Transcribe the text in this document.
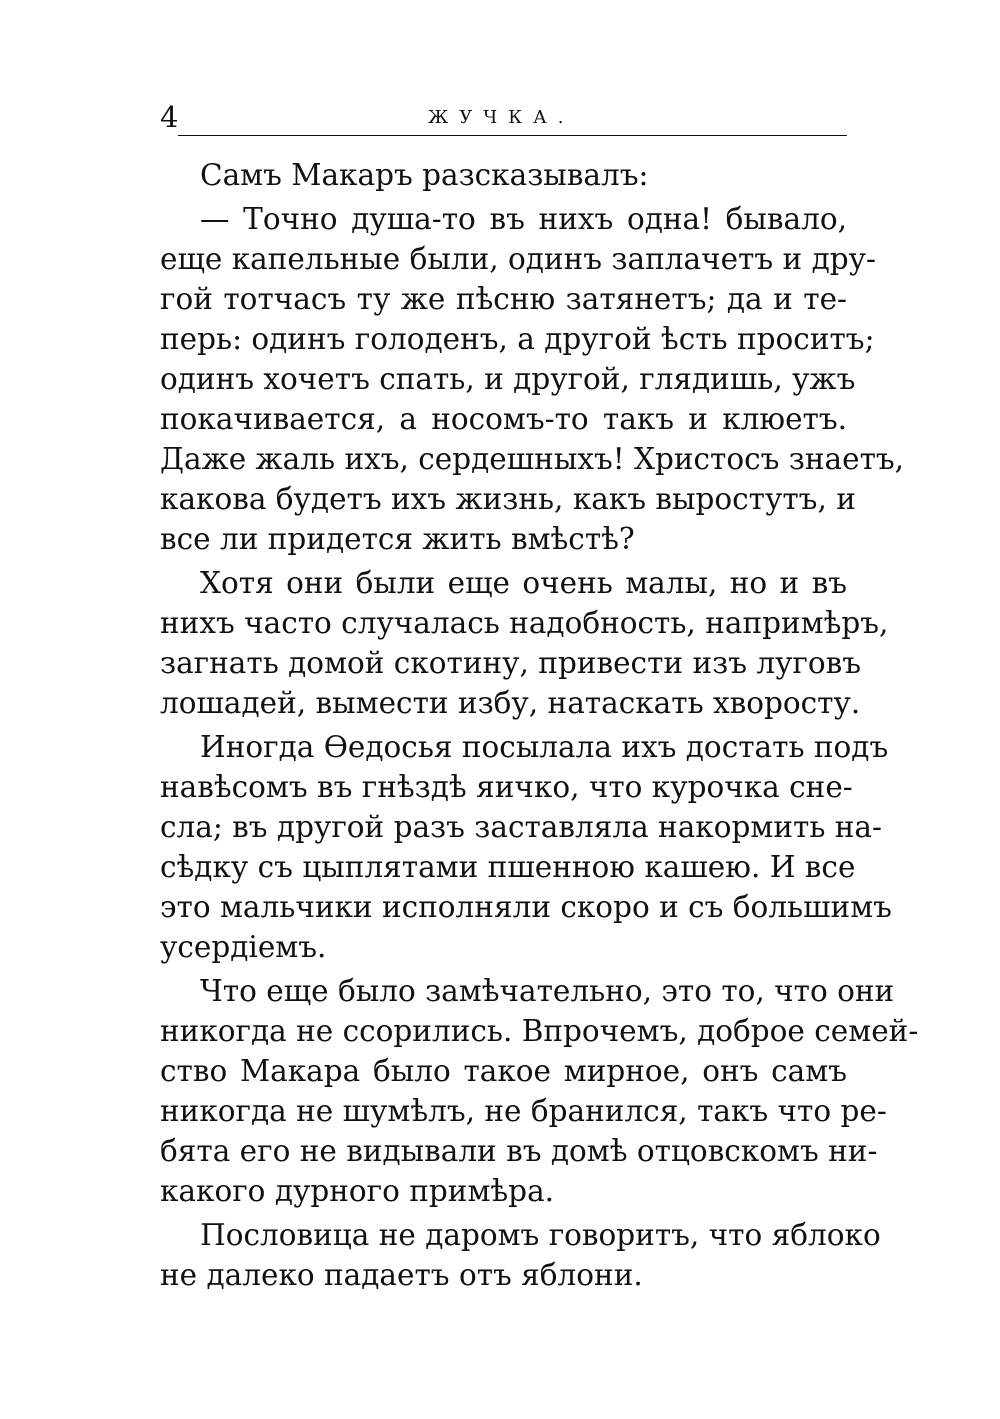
4	ЖУЧКА.
Самъ Макаръ разсказывалъ:
— Точно душа-то въ нихъ одна! бывало,
еще капельные были, одинъ заплачетъ и дру-
гой тотчасъ ту же пѣсню затянетъ; да и те-
перь: одинъ голоденъ, а другой ѣсть проситъ;
одинъ хочетъ спать, и другой, глядишь, ужъ
покачивается, а носомъ-то такъ и клюетъ.
Даже жаль ихъ, сердешныхъ! Христосъ знаетъ,
какова будетъ ихъ жизнь, какъ выростутъ, и
все ли придется жить вмѣстѣ?
Хотя они были еще очень малы, но и въ
нихъ часто случалась надобность, напримѣръ,
загнать домой скотину, привести изъ луговъ
лошадей, вымести избу, натаскать хворосту.
Иногда Ѳедосья посылала ихъ достать подъ
навѣсомъ въ гнѣздѣ яичко, что курочка сне-
сла; въ другой разъ заставляла накормить на-
сѣдку съ цыплятами пшенною кашею. И все
это мальчики исполняли скоро и съ большимъ
усердіемъ.
Что еще было замѣчательно, это то, что они
никогда не ссорились. Впрочемъ, доброе семей-
ство Макара было такое мирное, онъ самъ
никогда не шумѣлъ, не бранился, такъ что ре-
бята его не видывали въ домѣ отцовскомъ ни-
какого дурного примѣра.
Пословица не даромъ говоритъ, что яблоко
не далеко падаетъ отъ яблони.
